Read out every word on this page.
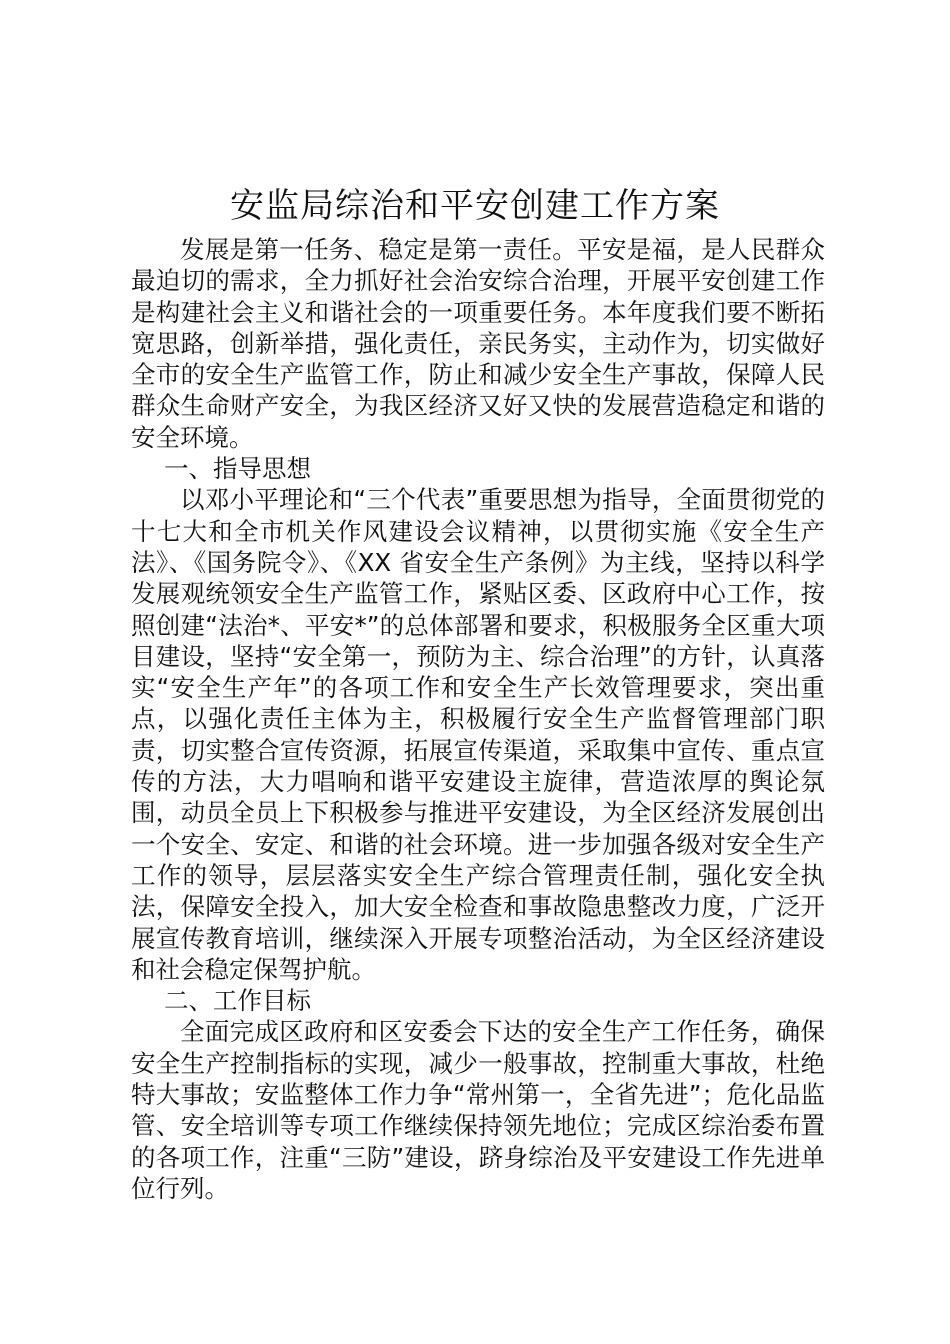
安监局综治和平安创建工作方案

发展是第一任务、稳定是第一责任。平安是福，是人民群众最迫切的需求，全力抓好社会治安综合治理，开展平安创建工作是构建社会主义和谐社会的一项重要任务。本年度我们要不断拓宽思路，创新举措，强化责任，亲民务实，主动作为，切实做好全市的安全生产监管工作，防止和减少安全生产事故，保障人民群众生命财产安全，为我区经济又好又快的发展营造稳定和谐的安全环境。

一、指导思想

以邓小平理论和“三个代表”重要思想为指导，全面贯彻党的十七大和全市机关作风建设会议精神，以贯彻实施《安全生产法》、《国务院令》、《XX 省安全生产条例》为主线，坚持以科学发展观统领安全生产监管工作，紧贴区委、区政府中心工作，按照创建“法治*、平安*”的总体部署和要求，积极服务全区重大项目建设，坚持“安全第一，预防为主、综合治理”的方针，认真落实“安全生产年”的各项工作和安全生产长效管理要求，突出重点，以强化责任主体为主，积极履行安全生产监督管理部门职责，切实整合宣传资源，拓展宣传渠道，采取集中宣传、重点宣传的方法，大力唱响和谐平安建设主旋律，营造浓厚的舆论氛围，动员全员上下积极参与推进平安建设，为全区经济发展创出一个安全、安定、和谐的社会环境。进一步加强各级对安全生产工作的领导，层层落实安全生产综合管理责任制，强化安全执法，保障安全投入，加大安全检查和事故隐患整改力度，广泛开展宣传教育培训，继续深入开展专项整治活动，为全区经济建设和社会稳定保驾护航。

二、工作目标

全面完成区政府和区安委会下达的安全生产工作任务，确保安全生产控制指标的实现，减少一般事故，控制重大事故，杜绝特大事故；安监整体工作力争“常州第一，全省先进”；危化品监管、安全培训等专项工作继续保持领先地位；完成区综治委布置的各项工作，注重“三防”建设，跻身综治及平安建设工作先进单位行列。
